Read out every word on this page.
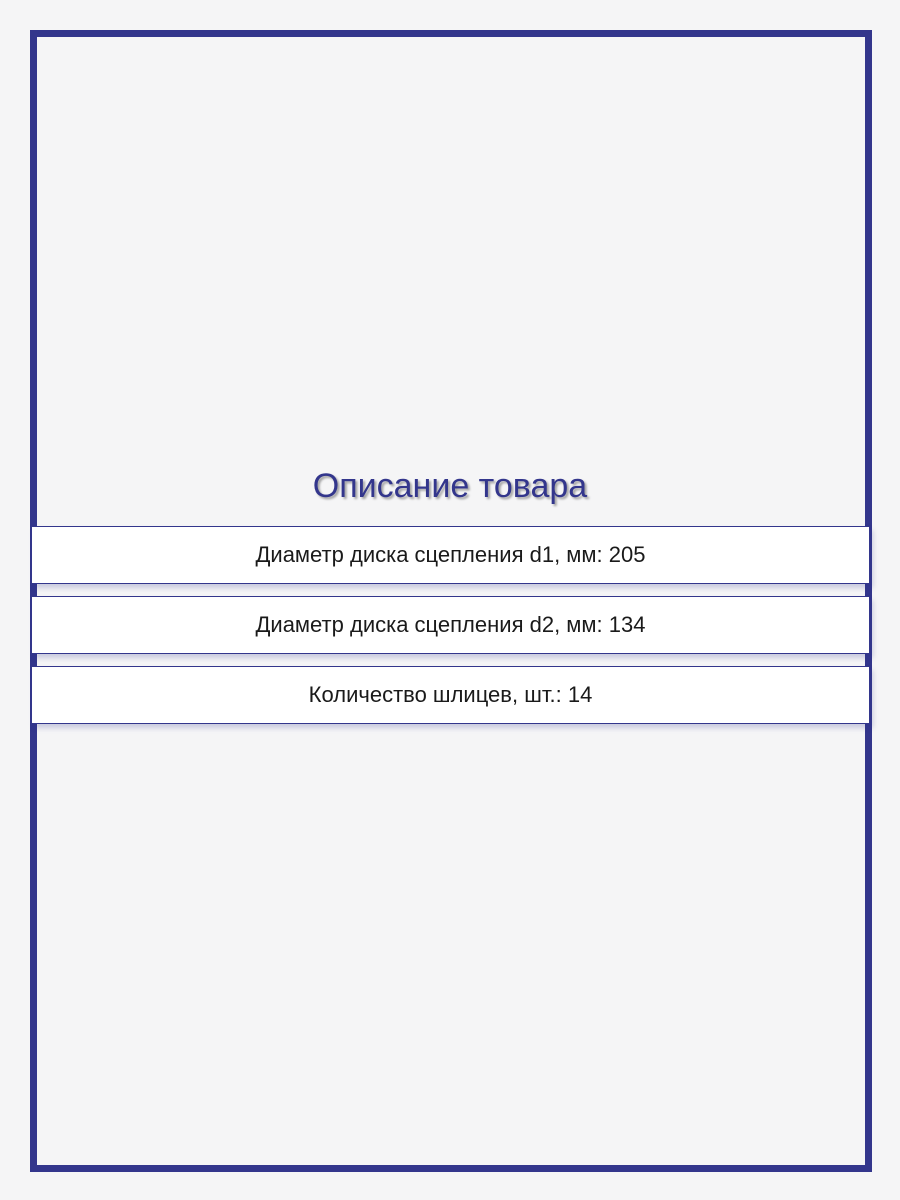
Описание товара
Диаметр диска сцепления d1, мм: 205
Диаметр диска сцепления d2, мм: 134
Количество шлицев, шт.: 14
